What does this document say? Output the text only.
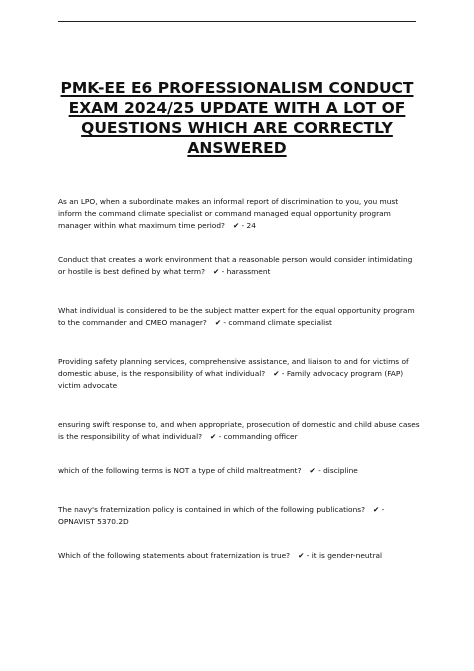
PMK-EE E6 PROFESSIONALISM CONDUCT EXAM 2024/25 UPDATE WITH A LOT OF QUESTIONS WHICH ARE CORRECTLY ANSWERED

As an LPO, when a subordinate makes an informal report of discrimination to you, you must inform the command climate specialist or command managed equal opportunity program manager within what maximum time period? ✔ - 24

Conduct that creates a work environment that a reasonable person would consider intimidating or hostile is best defined by what term? ✔ - harassment

What individual is considered to be the subject matter expert for the equal opportunity program to the commander and CMEO manager? ✔ - command climate specialist

Providing safety planning services, comprehensive assistance, and liaison to and for victims of domestic abuse, is the responsibility of what individual? ✔ - Family advocacy program (FAP) victim advocate

ensuring swift response to, and when appropriate, prosecution of domestic and child abuse cases is the responsibility of what individual? ✔ - commanding officer

which of the following terms is NOT a type of child maltreatment? ✔ - discipline

The navy's fraternization policy is contained in which of the following publications? ✔ - OPNAVIST 5370.2D

Which of the following statements about fraternization is true? ✔ - it is gender-neutral
